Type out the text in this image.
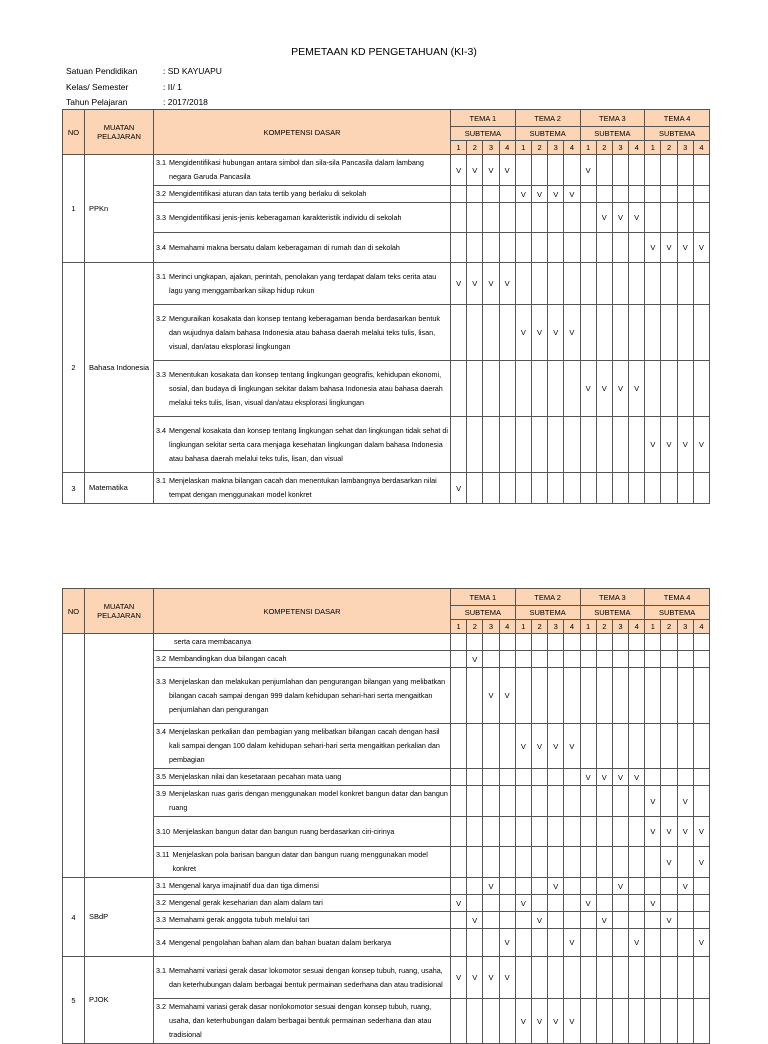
PEMETAAN KD PENGETAHUAN (KI-3)
Satuan Pendidikan	: SD KAYUAPU
Kelas/ Semester	: II/ 1
Tahun Pelajaran	: 2017/2018
NO	MUATAN PELAJARAN	KOMPETENSI DASAR	TEMA 1				TEMA 2				TEMA 3				TEMA 4			
			SUBTEMA				SUBTEMA				SUBTEMA				SUBTEMA			
			1	2	3	4	1	2	3	4	1	2	3	4	1	2	3	4
1	PPKn	3.1 Mengidentifikasi hubungan antara simbol dan sila-sila Pancasila dalam lambang negara Garuda Pancasila	V	V	V	V					V							

		3.2 Mengidentifikasi aturan dan tata tertib yang berlaku di sekolah					V	V	V	V								

		3.3 Mengidentifikasi jenis-jenis keberagaman karakteristik individu di sekolah										V	V	V				

		3.4 Memahami makna bersatu dalam keberagaman di rumah dan di sekolah													V	V	V	V
2	Bahasa Indonesia	3.1 Merinci ungkapan, ajakan, perintah, penolakan yang terdapat dalam teks cerita atau lagu yang menggambarkan sikap hidup rukun	V	V	V	V												

		3.2 Menguraikan kosakata dan konsep tentang keberagaman benda berdasarkan bentuk dan wujudnya dalam bahasa Indonesia atau bahasa daerah melalui teks tulis, lisan, visual, dan/atau eksplorasi lingkungan					V	V	V	V								

		3.3 Menentukan kosakata dan konsep tentang lingkungan geografis, kehidupan ekonomi, sosial, dan budaya di lingkungan sekitar dalam bahasa Indonesia atau bahasa daerah melalui teks tulis, lisan, visual dan/atau eksplorasi lingkungan									V	V	V	V				

		3.4 Mengenal kosakata dan konsep tentang lingkungan sehat dan lingkungan tidak sehat di lingkungan sekitar serta cara menjaga kesehatan lingkungan dalam bahasa Indonesia atau bahasa daerah melalui teks tulis, lisan, dan visual													V	V	V	V
3	Matematika	3.1 Menjelaskan makna bilangan cacah dan menentukan lambangnya berdasarkan nilai tempat dengan menggunakan model konkret	V															
NO	MUATAN PELAJARAN	KOMPETENSI DASAR	TEMA 1				TEMA 2				TEMA 3				TEMA 4			
			SUBTEMA				SUBTEMA				SUBTEMA				SUBTEMA			
			1	2	3	4	1	2	3	4	1	2	3	4	1	2	3	4

		serta cara membacanya																

		3.2 Membandingkan dua bilangan cacah		V														

		3.3 Menjelaskan dan melakukan penjumlahan dan pengurangan bilangan yang melibatkan bilangan cacah sampai dengan 999 dalam kehidupan sehari-hari serta mengaitkan penjumlahan dan pengurangan			V	V												

		3.4 Menjelaskan perkalian dan pembagian yang melibatkan bilangan cacah dengan hasil kali sampai dengan 100 dalam kehidupan sehari-hari serta mengaitkan perkalian dan pembagian					V	V	V	V								

		3.5 Menjelaskan nilai dan kesetaraan pecahan mata uang									V	V	V	V				

		3.9 Menjelaskan ruas garis dengan menggunakan model konkret bangun datar dan bangun ruang													V		V	

		3.10 Menjelaskan bangun datar dan bangun ruang berdasarkan ciri-cirinya													V	V	V	V

		3.11 Menjelaskan pola barisan bangun datar dan bangun ruang menggunakan model konkret														V		V
4	SBdP	3.1 Mengenal karya imajinatif dua dan tiga dimensi			V				V				V				V	

		3.2 Mengenal gerak keseharian dan alam dalam tari	V				V				V				V			

		3.3 Memahami gerak anggota tubuh melalui tari		V				V				V				V		

		3.4 Mengenal pengolahan bahan alam dan bahan buatan dalam berkarya				V				V				V				V
5	PJOK	3.1 Memahami variasi gerak dasar lokomotor sesuai dengan konsep tubuh, ruang, usaha, dan keterhubungan dalam berbagai bentuk permainan sederhana dan atau tradisional	V	V	V	V												

		3.2 Memahami variasi gerak dasar nonlokomotor sesuai dengan konsep tubuh, ruang, usaha, dan keterhubungan dalam berbagai bentuk permainan sederhana dan atau tradisional					V	V	V	V								
